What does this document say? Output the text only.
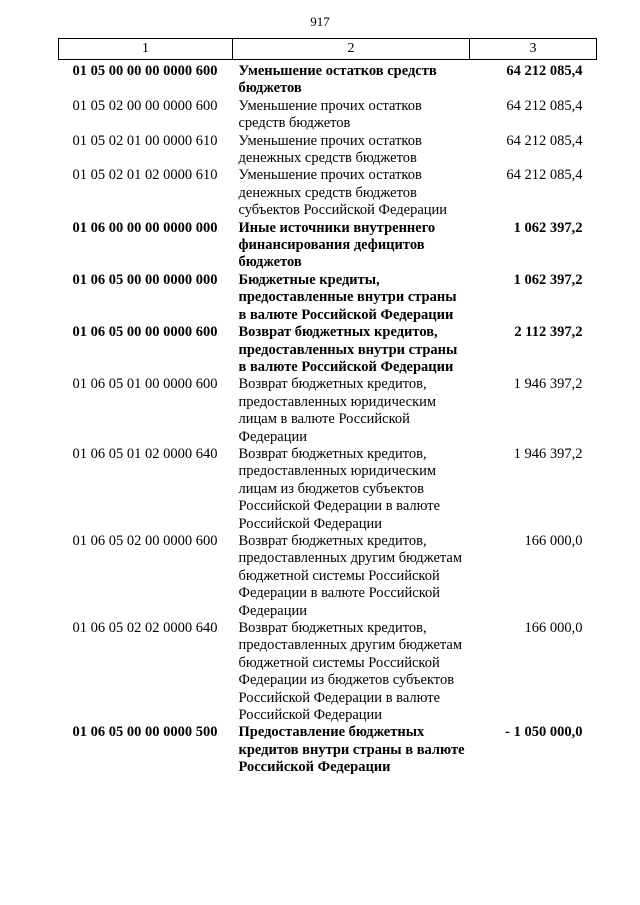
917
1	2	3
01 05 00 00 00 0000 600	Уменьшение остатков средств бюджетов	64 212 085,4
01 05 02 00 00 0000 600	Уменьшение прочих остатков средств бюджетов	64 212 085,4
01 05 02 01 00 0000 610	Уменьшение прочих остатков денежных средств бюджетов	64 212 085,4
01 05 02 01 02 0000 610	Уменьшение прочих остатков денежных средств бюджетов субъектов Российской Федерации	64 212 085,4
01 06 00 00 00 0000 000	Иные источники внутреннего финансирования дефицитов бюджетов	1 062 397,2
01 06 05 00 00 0000 000	Бюджетные кредиты, предоставленные внутри страны в валюте Российской Федерации	1 062 397,2
01 06 05 00 00 0000 600	Возврат бюджетных кредитов, предоставленных внутри страны в валюте Российской Федерации	2 112 397,2
01 06 05 01 00 0000 600	Возврат бюджетных кредитов, предоставленных юридическим лицам в валюте Российской Федерации	1 946 397,2
01 06 05 01 02 0000 640	Возврат бюджетных кредитов, предоставленных юридическим лицам из бюджетов субъектов Российской Федерации в валюте Российской Федерации	1 946 397,2
01 06 05 02 00 0000 600	Возврат бюджетных кредитов, предоставленных другим бюджетам бюджетной системы Российской Федерации в валюте Российской Федерации	166 000,0
01 06 05 02 02 0000 640	Возврат бюджетных кредитов, предоставленных другим бюджетам бюджетной системы Российской Федерации из бюджетов субъектов Российской Федерации в валюте Российской Федерации	166 000,0
01 06 05 00 00 0000 500	Предоставление бюджетных кредитов внутри страны в валюте Российской Федерации	- 1 050 000,0
